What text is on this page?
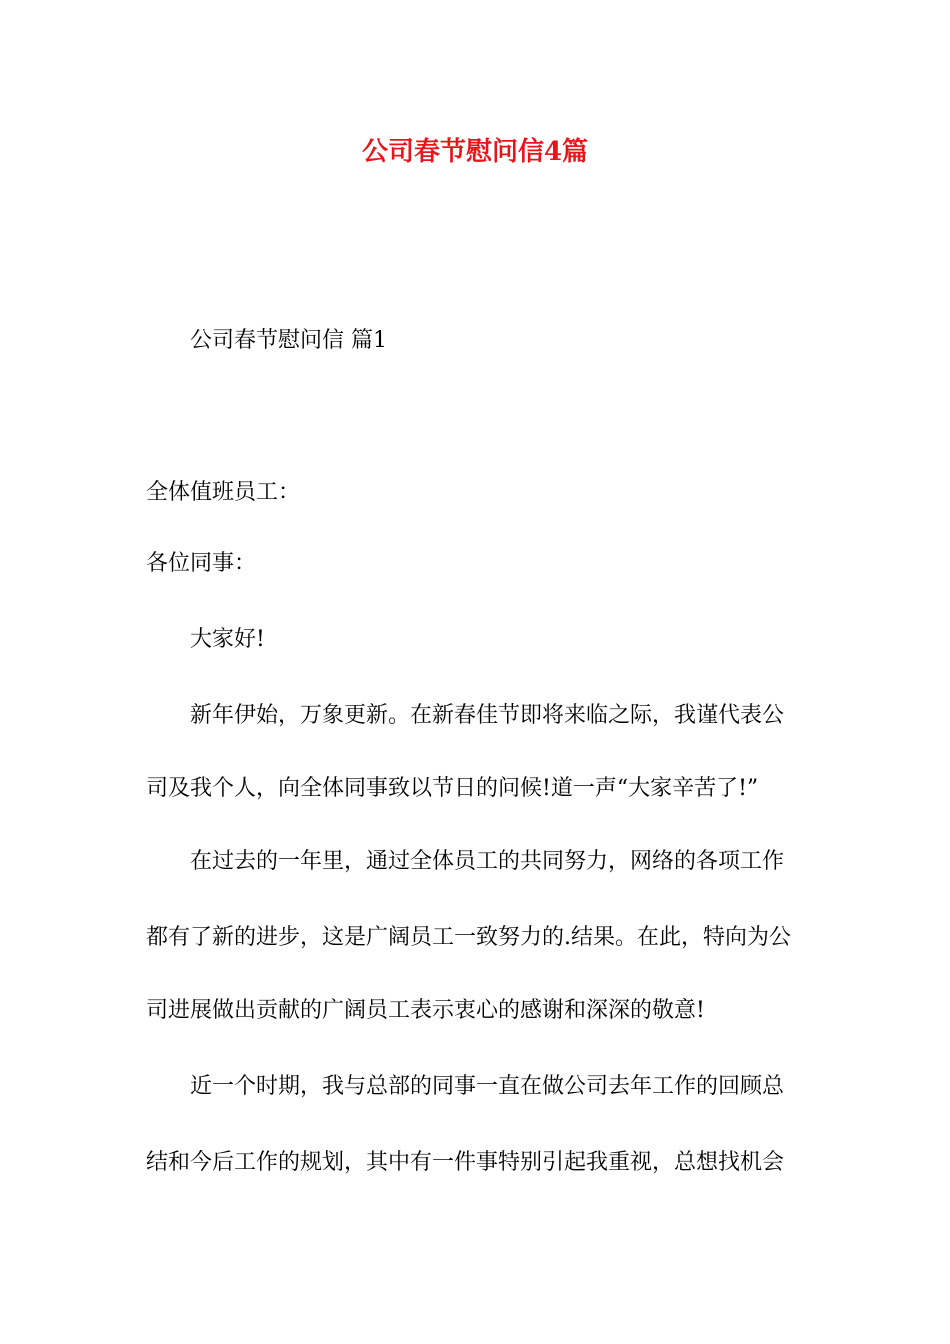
公司春节慰问信4篇
公司春节慰问信 篇1
全体值班员工：
各位同事：
大家好!
新年伊始，万象更新。在新春佳节即将来临之际，我谨代表公
司及我个人，向全体同事致以节日的问候!道一声“大家辛苦了!”
在过去的一年里，通过全体员工的共同努力，网络的各项工作
都有了新的进步，这是广阔员工一致努力的.结果。在此，特向为公
司进展做出贡献的广阔员工表示衷心的感谢和深深的敬意!
近一个时期，我与总部的同事一直在做公司去年工作的回顾总
结和今后工作的规划，其中有一件事特别引起我重视，总想找机会
